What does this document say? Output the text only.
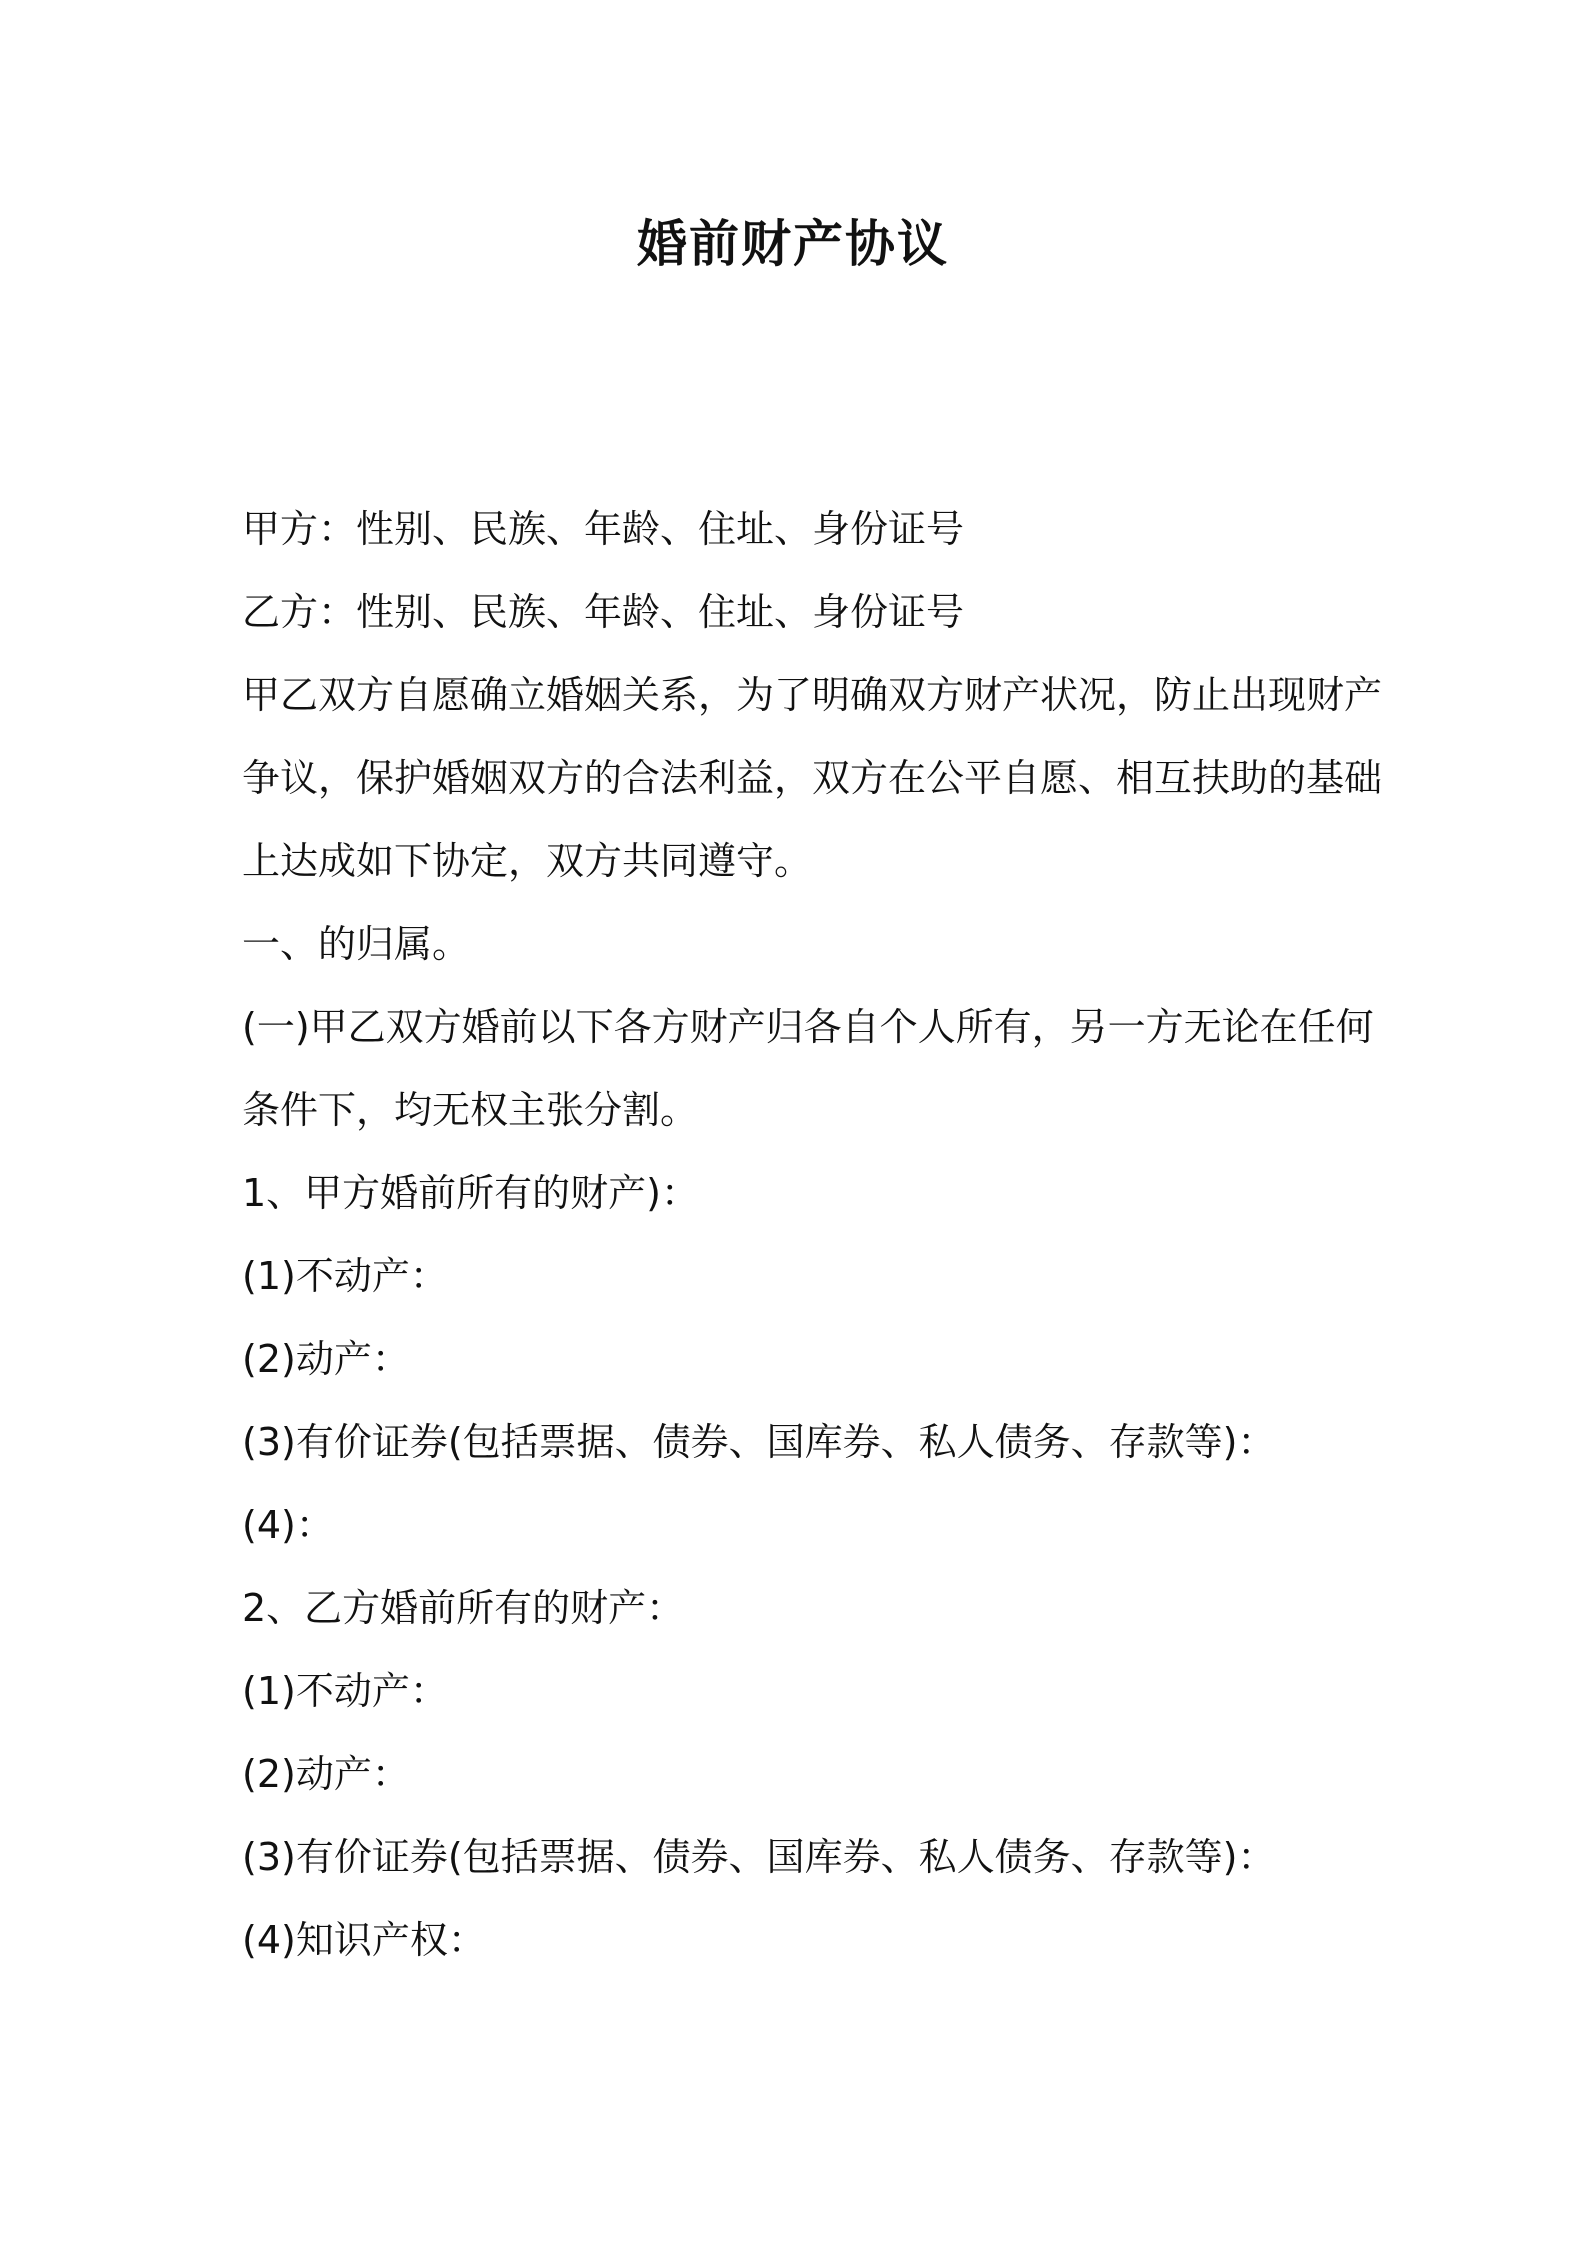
婚前财产协议

甲方：性别、民族、年龄、住址、身份证号

乙方：性别、民族、年龄、住址、身份证号

甲乙双方自愿确立婚姻关系，为了明确双方财产状况，防止出现财产

争议，保护婚姻双方的合法利益，双方在公平自愿、相互扶助的基础

上达成如下协定，双方共同遵守。

一、的归属。

(一)甲乙双方婚前以下各方财产归各自个人所有，另一方无论在任何

条件下，均无权主张分割。

1、甲方婚前所有的财产)：

(1)不动产：

(2)动产：

(3)有价证券(包括票据、债券、国库券、私人债务、存款等)：

(4)：

2、乙方婚前所有的财产：

(1)不动产：

(2)动产：

(3)有价证券(包括票据、债券、国库券、私人债务、存款等)：

(4)知识产权：
